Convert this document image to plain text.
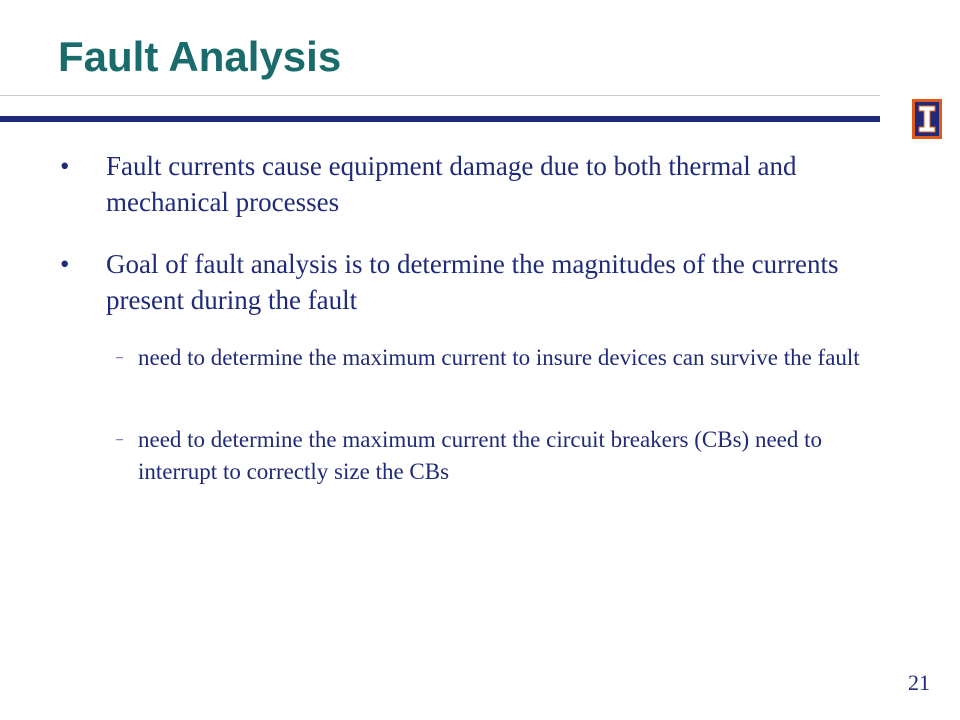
Fault Analysis
• Fault currents cause equipment damage due to both thermal and mechanical processes
• Goal of fault analysis is to determine the magnitudes of the currents present during the fault
– need to determine the maximum current to insure devices can survive the fault
– need to determine the maximum current the circuit breakers (CBs) need to interrupt to correctly size the CBs
21
